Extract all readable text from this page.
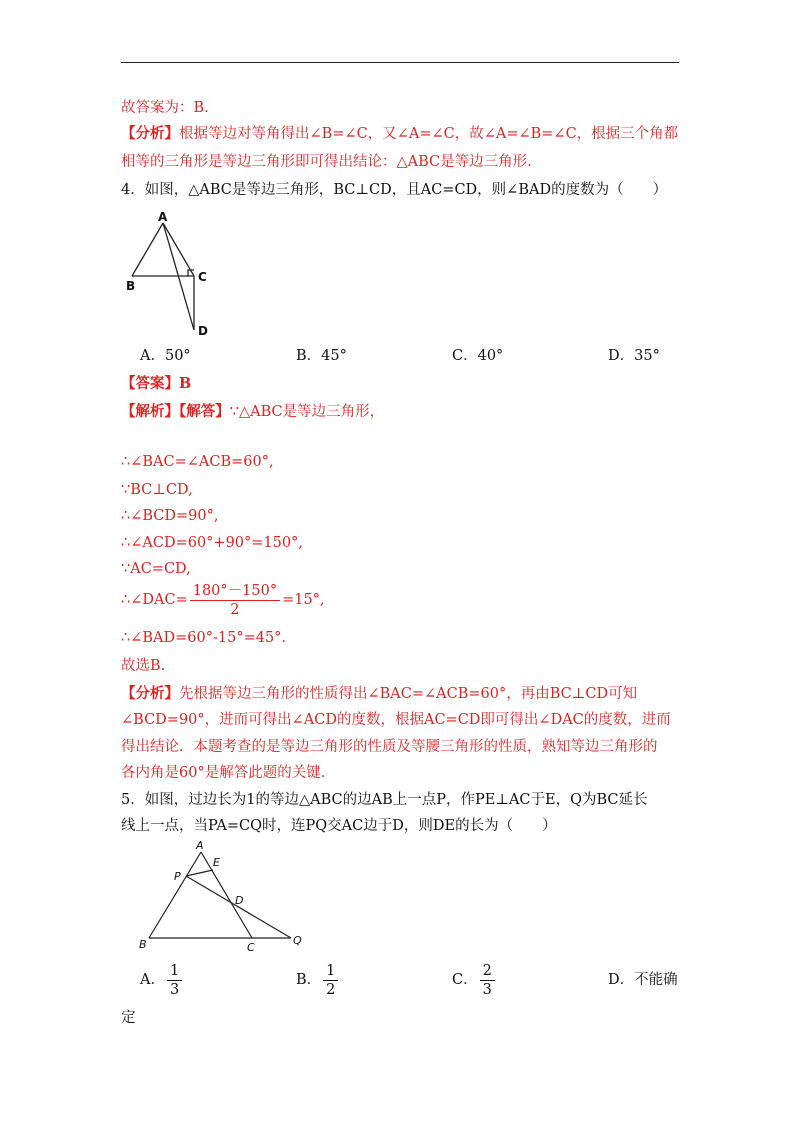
故答案为：B.
【分析】根据等边对等角得出∠B=∠C，又∠A=∠C，故∠A=∠B=∠C，根据三个角都
相等的三角形是等边三角形即可得出结论：△ABC是等边三角形.
4．如图，△ABC是等边三角形，BC⊥CD，且AC=CD，则∠BAD的度数为（　　）
A
B
C
D
A．50°	B．45°	C．40°	D．35°
【答案】B
【解析】【解答】∵△ABC是等边三角形，
∴∠BAC=∠ACB=60°,
∵BC⊥CD,
∴∠BCD=90°,
∴∠ACD=60°+90°=150°,
∵AC=CD,
∴∠DAC= $\frac{180^\circ-150^\circ}{2} =15^\circ$,
∴∠BAD=60°-15°=45°.
故选B.
【分析】先根据等边三角形的性质得出∠BAC=∠ACB=60°，再由BC⊥CD可知
∠BCD=90°，进而可得出∠ACD的度数，根据AC=CD即可得出∠DAC的度数，进而
得出结论．本题考查的是等边三角形的性质及等腰三角形的性质，熟知等边三角形的
各内角是60°是解答此题的关键.
5．如图，过边长为1的等边△ABC的边AB上一点P，作PE⊥AC于E，Q为BC延长
线上一点，当PA=CQ时，连PQ交AC边于D，则DE的长为（　　）
A
E
P
D
B	C
Q
A． $\frac{1}{3}$	B． $\frac{1}{2}$	C． $\frac{2}{3}$	D．不能确
定
